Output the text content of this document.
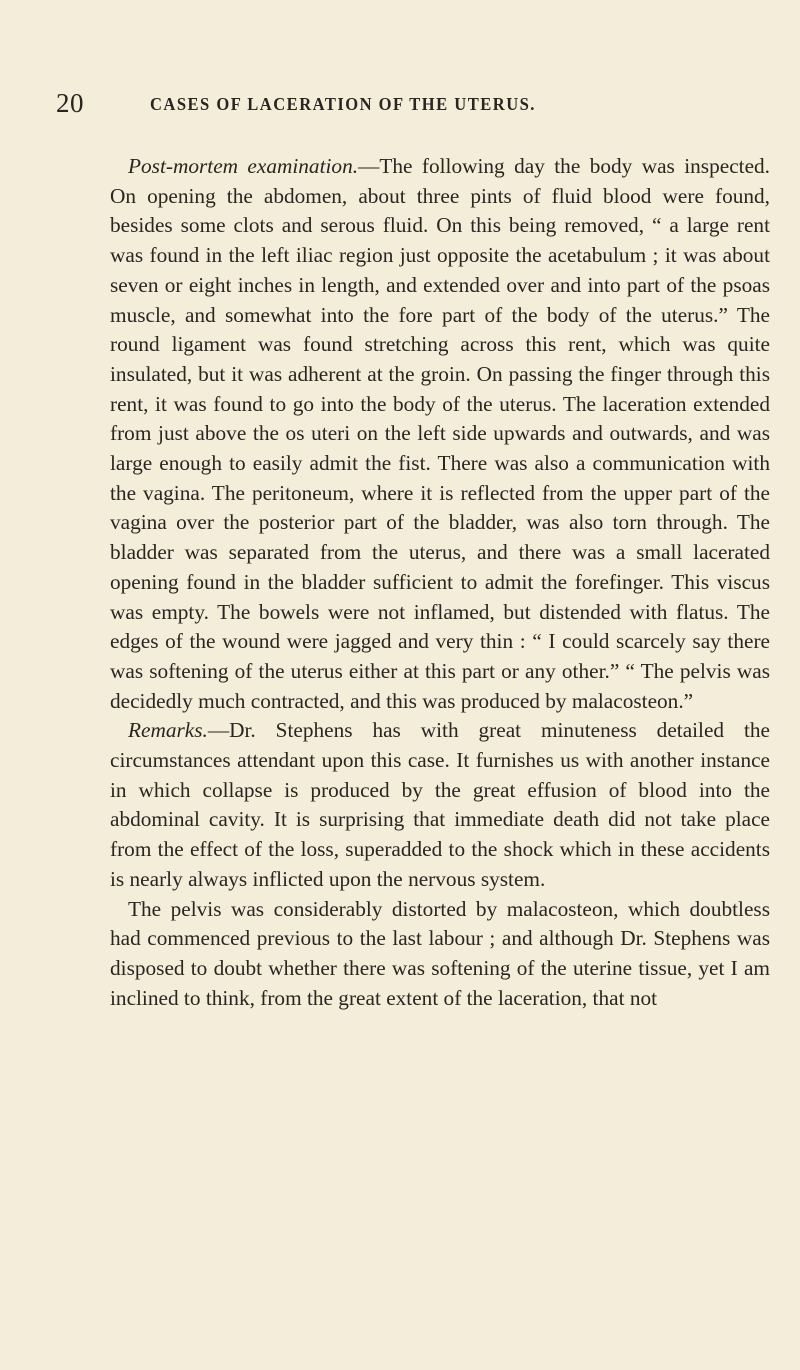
20	CASES OF LACERATION OF THE UTERUS.

Post-mortem examination.—The following day the body was inspected. On opening the abdomen, about three pints of fluid blood were found, besides some clots and serous fluid. On this being removed, “ a large rent was found in the left iliac region just opposite the acetabulum ; it was about seven or eight inches in length, and extended over and into part of the psoas muscle, and somewhat into the fore part of the body of the uterus.” The round ligament was found stretching across this rent, which was quite insulated, but it was adherent at the groin. On passing the finger through this rent, it was found to go into the body of the uterus. The laceration extended from just above the os uteri on the left side upwards and outwards, and was large enough to easily admit the fist. There was also a communication with the vagina. The peritoneum, where it is reflected from the upper part of the vagina over the posterior part of the bladder, was also torn through. The bladder was separated from the uterus, and there was a small lacerated opening found in the bladder sufficient to admit the forefinger. This viscus was empty. The bowels were not inflamed, but distended with flatus. The edges of the wound were jagged and very thin : “ I could scarcely say there was softening of the uterus either at this part or any other.” “ The pelvis was decidedly much contracted, and this was produced by malacosteon.”

Remarks.—Dr. Stephens has with great minuteness detailed the circumstances attendant upon this case. It furnishes us with another instance in which collapse is produced by the great effusion of blood into the abdominal cavity. It is surprising that immediate death did not take place from the effect of the loss, superadded to the shock which in these accidents is nearly always inflicted upon the nervous system.

The pelvis was considerably distorted by malacosteon, which doubtless had commenced previous to the last labour ; and although Dr. Stephens was disposed to doubt whether there was softening of the uterine tissue, yet I am inclined to think, from the great extent of the laceration, that not
